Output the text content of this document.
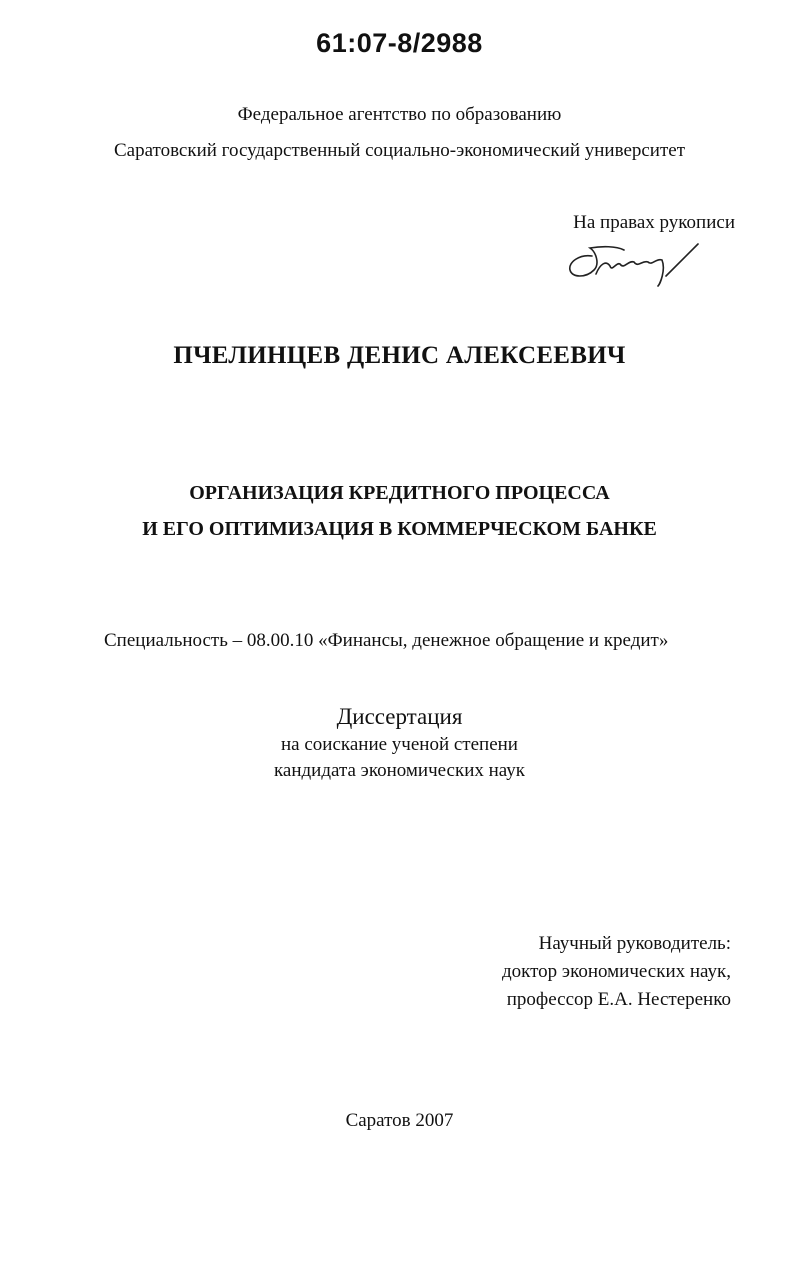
61:07-8/2988
Федеральное агентство по образованию
Саратовский государственный социально-экономический университет
На правах рукописи
ПЧЕЛИНЦЕВ ДЕНИС АЛЕКСЕЕВИЧ
ОРГАНИЗАЦИЯ КРЕДИТНОГО ПРОЦЕССА
И ЕГО ОПТИМИЗАЦИЯ В КОММЕРЧЕСКОМ БАНКЕ
Специальность – 08.00.10 «Финансы, денежное обращение и кредит»
Диссертация
на соискание ученой степени
кандидата экономических наук
Научный руководитель:
доктор экономических наук,
профессор Е.А. Нестеренко
Саратов 2007
